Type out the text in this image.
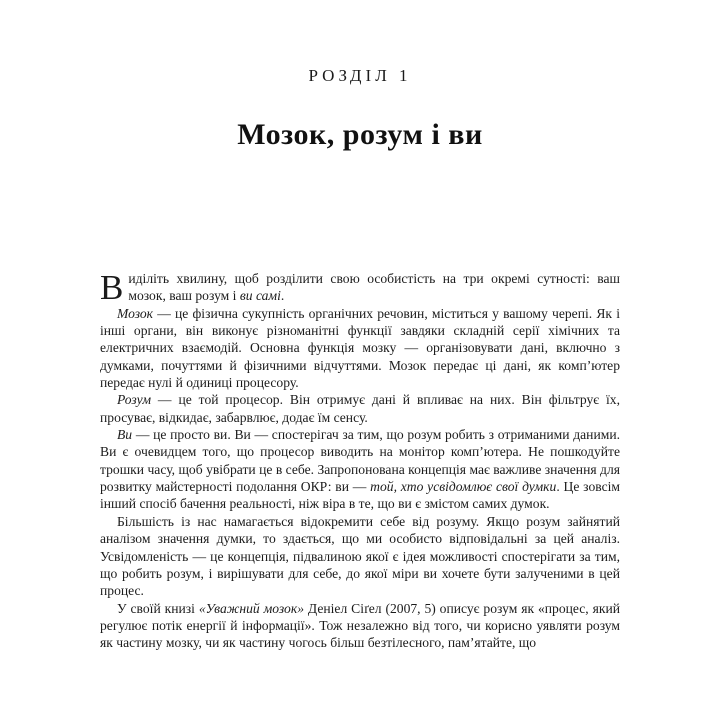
РОЗДІЛ 1
Мозок, розум і ви

Виділіть хвилину, щоб розділити свою особистість на три окремі сутності: ваш мозок, ваш розум і ви самі.

Мозок — це фізична сукупність органічних речовин, міститься у вашому черепі. Як і інші органи, він виконує різноманітні функції завдяки складній серії хімічних та електричних взаємодій. Основна функція мозку — організовувати дані, включно з думками, почуттями й фізичними відчуттями. Мозок передає ці дані, як комп’ютер передає нулі й одиниці процесору.

Розум — це той процесор. Він отримує дані й впливає на них. Він фільтрує їх, просуває, відкидає, забарвлює, додає їм сенсу.

Ви — це просто ви. Ви — спостерігач за тим, що розум робить з отриманими даними. Ви є очевидцем того, що процесор виводить на монітор комп’ютера. Не пошкодуйте трошки часу, щоб увібрати це в себе. Запропонована концепція має важливе значення для розвитку майстерності подолання ОКР: ви — той, хто усвідомлює свої думки. Це зовсім інший спосіб бачення реальності, ніж віра в те, що ви є змістом самих думок.

Більшість із нас намагається відокремити себе від розуму. Якщо розум зайнятий аналізом значення думки, то здається, що ми особисто відповідальні за цей аналіз. Усвідомленість — це концепція, підвалиною якої є ідея можливості спостерігати за тим, що робить розум, і вирішувати для себе, до якої міри ви хочете бути залученими в цей процес.

У своїй книзі «Уважний мозок» Деніел Сіґел (2007, 5) описує розум як «процес, який регулює потік енергії й інформації». Тож незалежно від того, чи корисно уявляти розум як частину мозку, чи як частину чогось більш безтілесного, пам’ятайте, що
